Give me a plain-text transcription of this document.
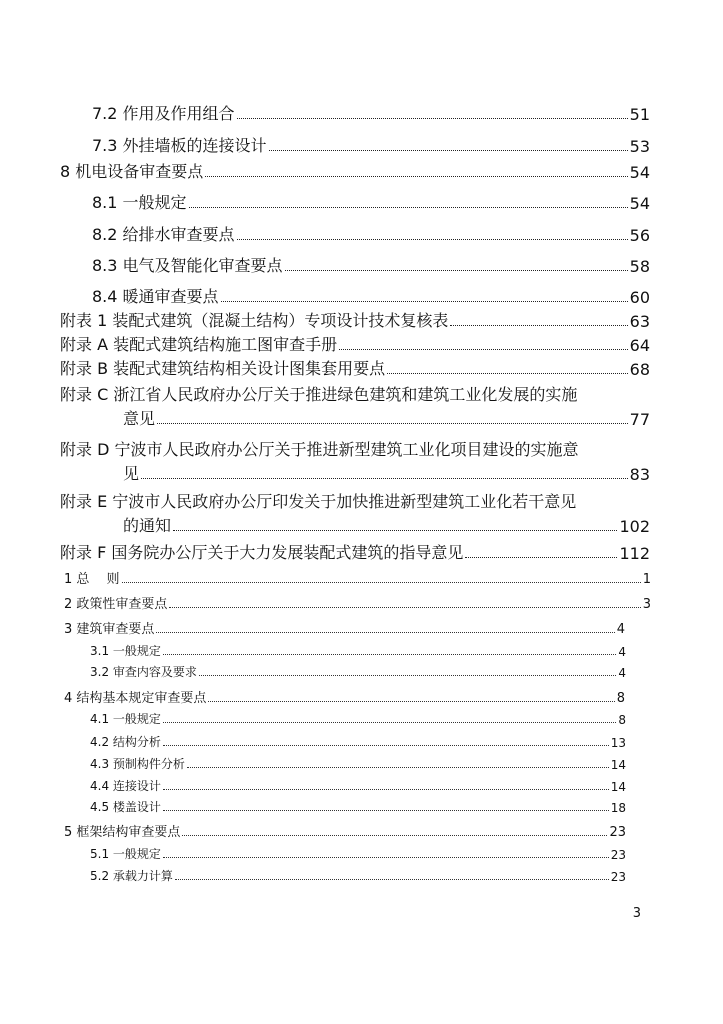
7.2 作用及作用组合	51
7.3 外挂墙板的连接设计	53
8 机电设备审查要点	54
8.1 一般规定	54
8.2 给排水审查要点	56
8.3 电气及智能化审查要点	58
8.4 暖通审查要点	60
附表 1 装配式建筑（混凝土结构）专项设计技术复核表	63
附录 A 装配式建筑结构施工图审查手册	64
附录 B 装配式建筑结构相关设计图集套用要点	68
附录 C 浙江省人民政府办公厅关于推进绿色建筑和建筑工业化发展的实施
意见	77
附录 D 宁波市人民政府办公厅关于推进新型建筑工业化项目建设的实施意
见	83
附录 E 宁波市人民政府办公厅印发关于加快推进新型建筑工业化若干意见
的通知	102
附录 F 国务院办公厅关于大力发展装配式建筑的指导意见	112
1 总　 则	1
2 政策性审查要点	3
3 建筑审查要点	4
3.1 一般规定	4
3.2 审查内容及要求	4
4 结构基本规定审查要点	8
4.1 一般规定	8
4.2 结构分析	13
4.3 预制构件分析	14
4.4 连接设计	14
4.5 楼盖设计	18
5 框架结构审查要点	23
5.1 一般规定	23
5.2 承载力计算	23
3
